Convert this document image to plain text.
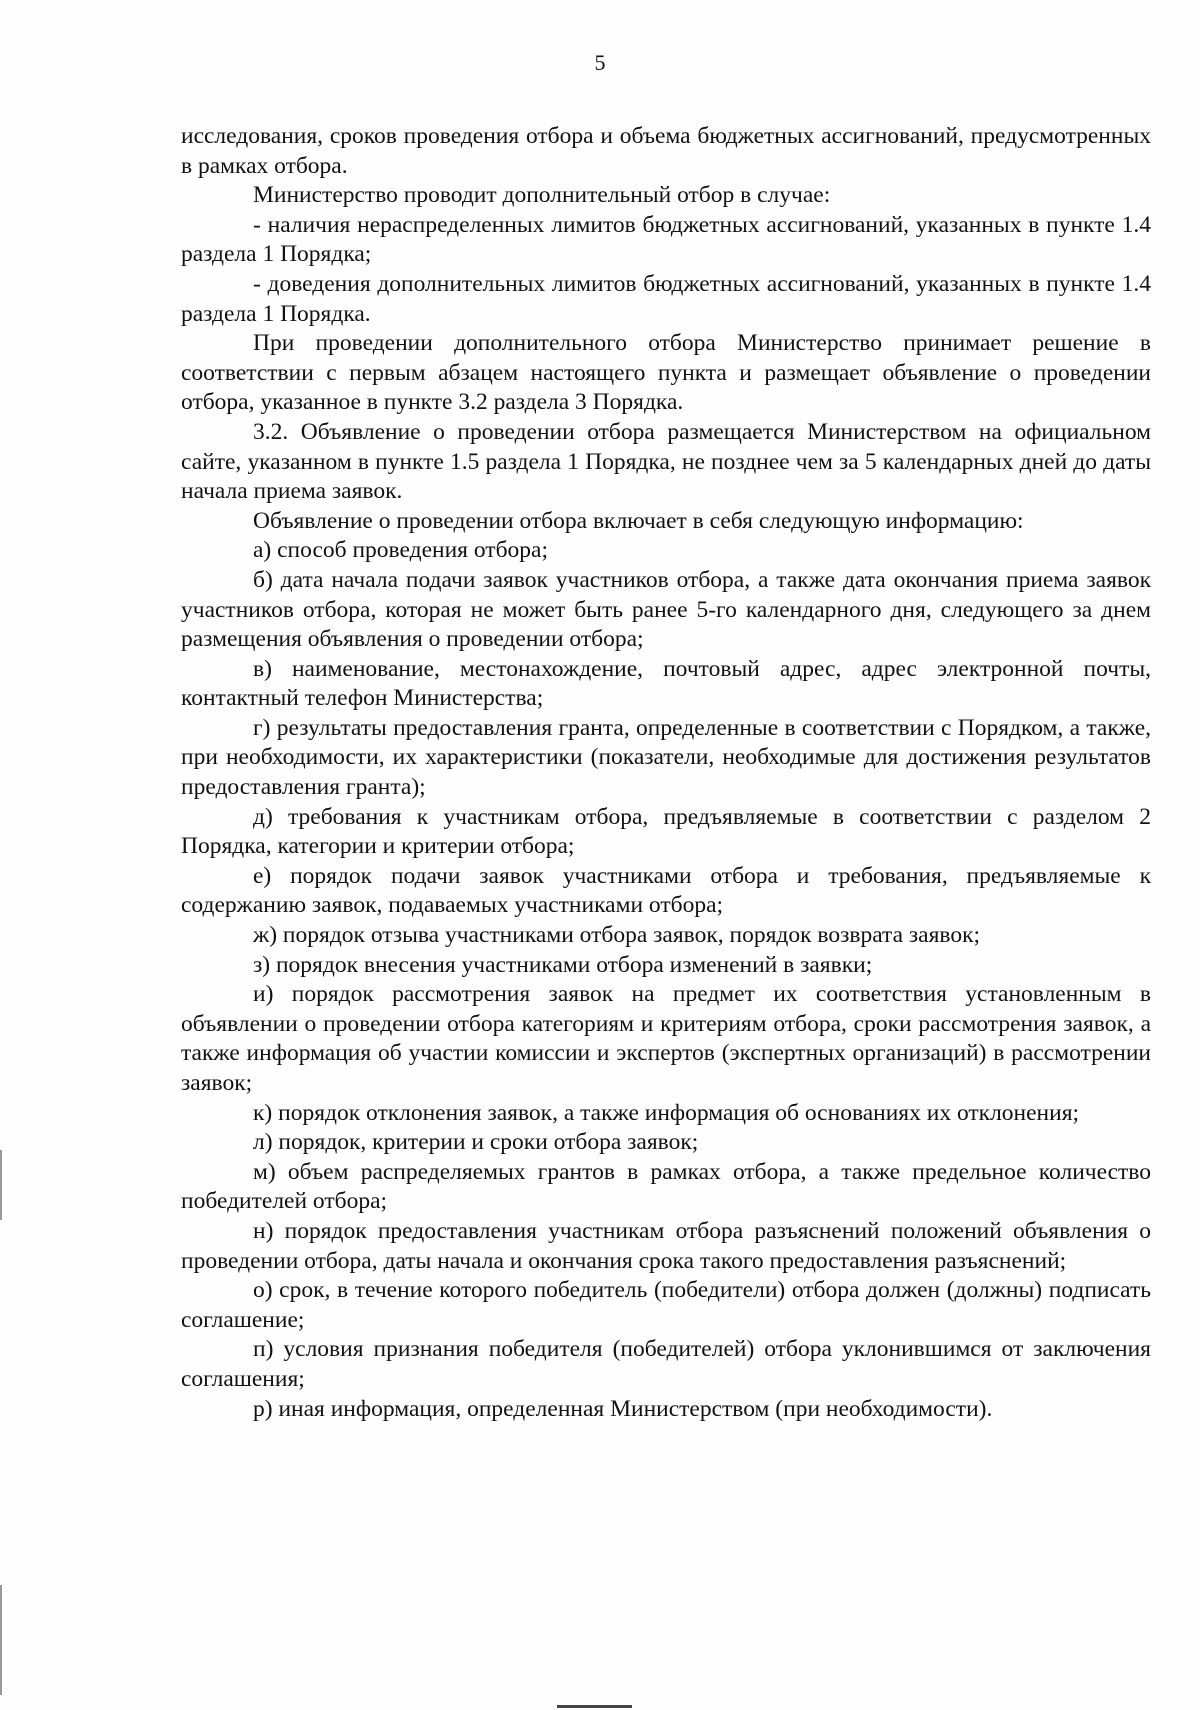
5

исследования, сроков проведения отбора и объема бюджетных ассигнований, предусмотренных в рамках отбора.

Министерство проводит дополнительный отбор в случае:

- наличия нераспределенных лимитов бюджетных ассигнований, указанных в пункте 1.4 раздела 1 Порядка;

- доведения дополнительных лимитов бюджетных ассигнований, указанных в пункте 1.4 раздела 1 Порядка.

При проведении дополнительного отбора Министерство принимает решение в соответствии с первым абзацем настоящего пункта и размещает объявление о проведении отбора, указанное в пункте 3.2 раздела 3 Порядка.

3.2. Объявление о проведении отбора размещается Министерством на официальном сайте, указанном в пункте 1.5 раздела 1 Порядка, не позднее чем за 5 календарных дней до даты начала приема заявок.

Объявление о проведении отбора включает в себя следующую информацию:

а) способ проведения отбора;

б) дата начала подачи заявок участников отбора, а также дата окончания приема заявок участников отбора, которая не может быть ранее 5-го календарного дня, следующего за днем размещения объявления о проведении отбора;

в) наименование, местонахождение, почтовый адрес, адрес электронной почты, контактный телефон Министерства;

г) результаты предоставления гранта, определенные в соответствии с Порядком, а также, при необходимости, их характеристики (показатели, необходимые для достижения результатов предоставления гранта);

д) требования к участникам отбора, предъявляемые в соответствии с разделом 2 Порядка, категории и критерии отбора;

е) порядок подачи заявок участниками отбора и требования, предъявляемые к содержанию заявок, подаваемых участниками отбора;

ж) порядок отзыва участниками отбора заявок, порядок возврата заявок;

з) порядок внесения участниками отбора изменений в заявки;

и) порядок рассмотрения заявок на предмет их соответствия установленным в объявлении о проведении отбора категориям и критериям отбора, сроки рассмотрения заявок, а также информация об участии комиссии и экспертов (экспертных организаций) в рассмотрении заявок;

к) порядок отклонения заявок, а также информация об основаниях их отклонения;

л) порядок, критерии и сроки отбора заявок;

м) объем распределяемых грантов в рамках отбора, а также предельное количество победителей отбора;

н) порядок предоставления участникам отбора разъяснений положений объявления о проведении отбора, даты начала и окончания срока такого предоставления разъяснений;

о) срок, в течение которого победитель (победители) отбора должен (должны) подписать соглашение;

п) условия признания победителя (победителей) отбора уклонившимся от заключения соглашения;

р) иная информация, определенная Министерством (при необходимости).
